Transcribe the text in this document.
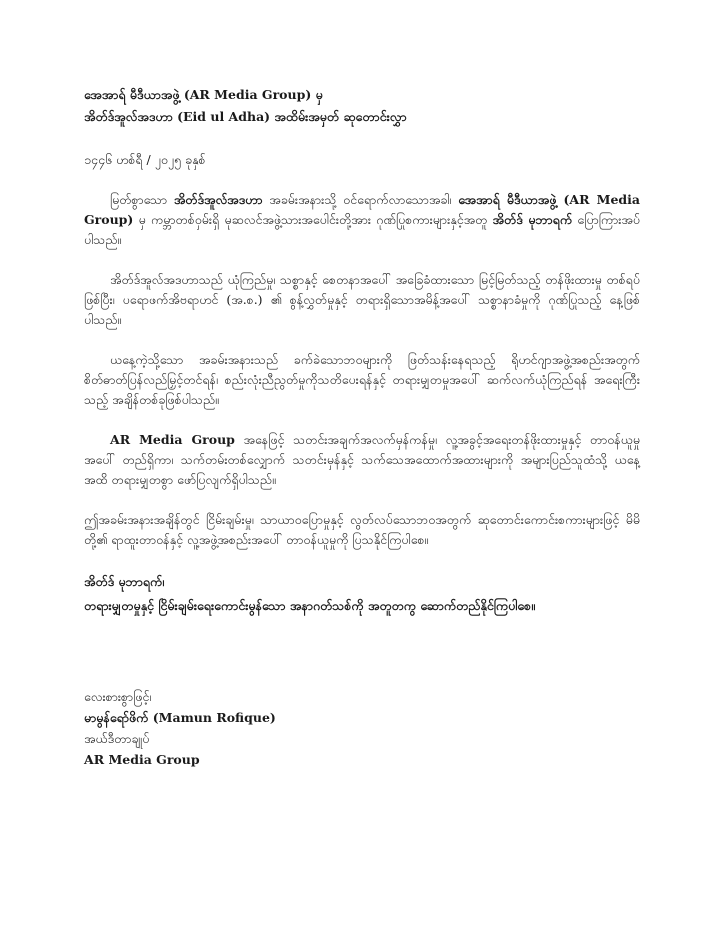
အေအာရ် မီဒီယာအဖွဲ့ (AR Media Group) မှ

အိတ်ဒ်အူလ်အဒဟာ (Eid ul Adha) အထိမ်းအမှတ် ဆုတောင်းလွှာ

၁၄၄၆ ဟစ်ရီ / ၂၀၂၅ ခုနှစ်

မြတ်စွာသော အိတ်ဒ်အူလ်အဒဟာ အခမ်းအနားသို့ ဝင်ရောက်လာသောအခါ၊ အေအာရ် မီဒီယာအဖွဲ့ (AR Media Group) မှ ကမ္ဘာတစ်ဝှမ်းရှိ မုဆလင်အဖွဲ့သားအပေါင်းတို့အား ဂုဏ်ပြုစကားများနှင့်အတူ အိတ်ဒ် မုဘာရက် ပြောကြားအပ်ပါသည်။

အိတ်ဒ်အူလ်အဒဟာသည် ယုံကြည်မှု၊ သစ္စာနှင့် စေတနာအပေါ် အခြေခံထားသော မြင့်မြတ်သည့် တန်ဖိုးထားမှု တစ်ရပ် ဖြစ်ပြီး၊ ပရောဖက်အိဗရာဟင် (အ.စ.) ၏ စွန့်လွှတ်မှုနှင့် တရားရှိသောအမိန့်အပေါ် သစ္စာနာခံမှုကို ဂုဏ်ပြုသည့် နေ့ဖြစ် ပါသည်။

ယနေ့ကဲ့သို့သော အခမ်းအနားသည် ခက်ခဲသောဘဝများကို ဖြတ်သန်းနေရသည့် ရိုဟင်ဂျာအဖွဲ့အစည်းအတွက် စိတ်ဓာတ်ပြန်လည်မြှင့်တင်ရန်၊ စည်းလုံးညီညွတ်မှုကိုသတိပေးရန်နှင့် တရားမျှတမှုအပေါ် ဆက်လက်ယုံကြည်ရန် အရေးကြီးသည့် အချိန်တစ်ခုဖြစ်ပါသည်။

AR Media Group အနေဖြင့် သတင်းအချက်အလက်မှန်ကန်မှု၊ လူ့အခွင့်အရေးတန်ဖိုးထားမှုနှင့် တာဝန်ယူမှုအပေါ် တည်ရှိကာ၊ သက်တမ်းတစ်လျှောက် သတင်းမှန်နှင့် သက်သေအထောက်အထားများကို အများပြည်သူထံသို့ ယနေ့အထိ တရားမျှတစွာ ဖော်ပြလျက်ရှိပါသည်။

ဤအခမ်းအနားအချိန်တွင် ငြိမ်းချမ်းမှု၊ သာယာဝပြောမှုနှင့် လွတ်လပ်သောဘဝအတွက် ဆုတောင်းကောင်းစကားများဖြင့် မိမိတို့၏ ရာထူးတာဝန်နှင့် လူ့အဖွဲ့အစည်းအပေါ် တာဝန်ယူမှုကို ပြသနိုင်ကြပါစေ။

အိတ်ဒ် မုဘာရက်၊
တရားမျှတမှုနှင့် ငြိမ်းချမ်းရေးကောင်းမွန်သော အနာဂတ်သစ်ကို အတူတကွ ဆောက်တည်နိုင်ကြပါစေ။
လေးစားစွာဖြင့်၊
မာမွန်ရော်ဖိက် (Mamun Rofique)
အယ်ဒီတာချုပ်
AR Media Group
